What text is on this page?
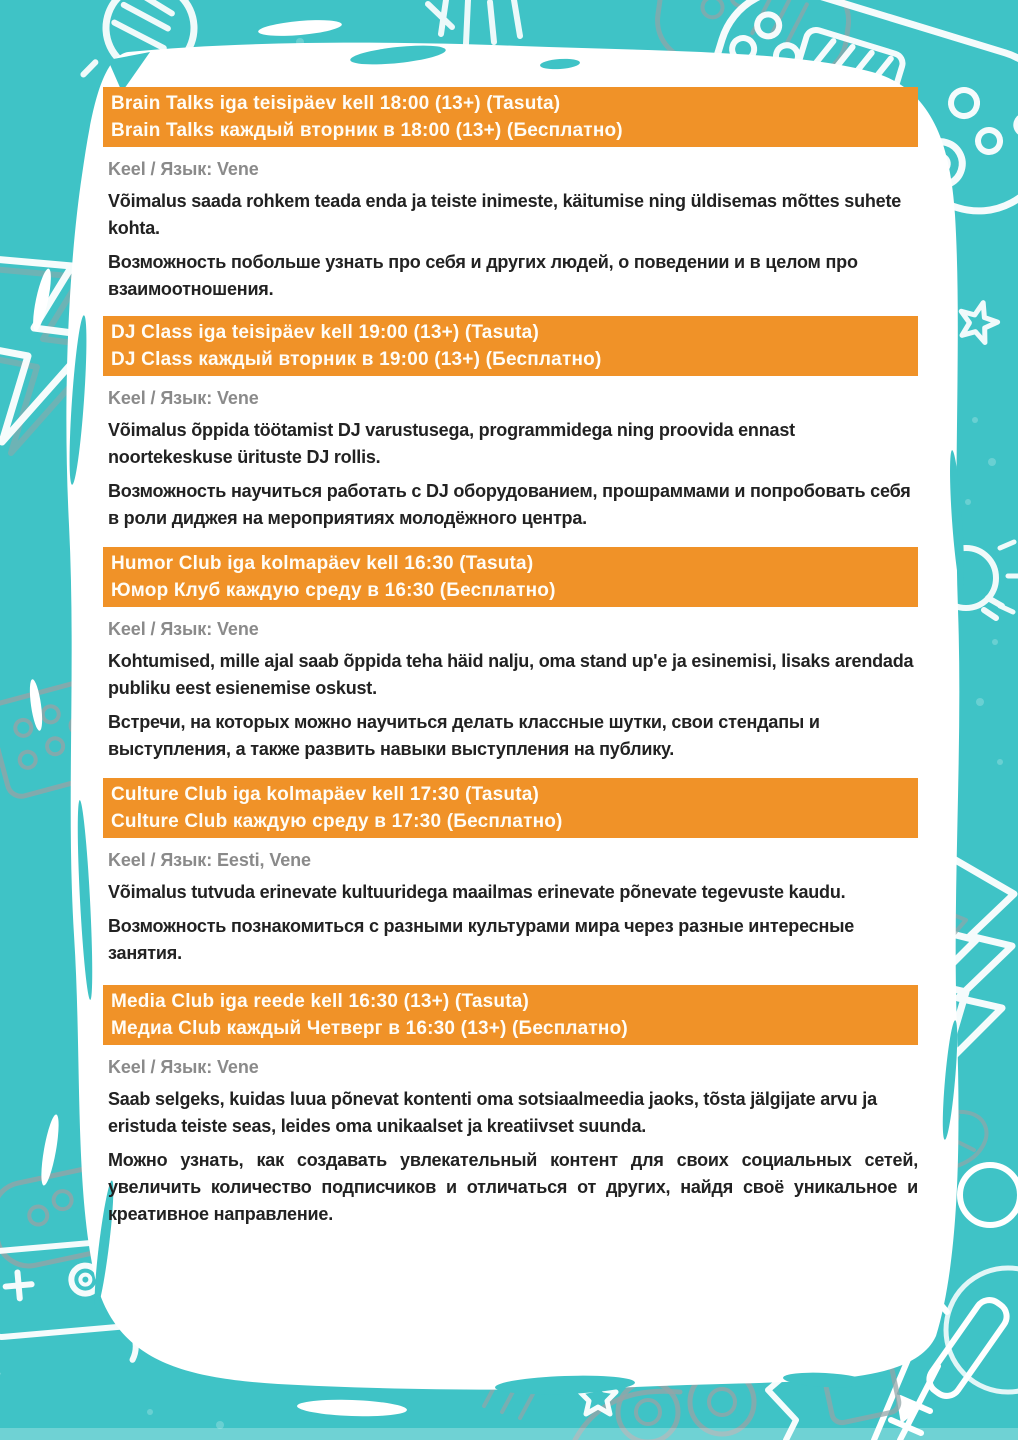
Brain Talks iga teisipäev kell 18:00 (13+) (Tasuta)
Brain Talks каждый вторник в 18:00 (13+) (Бесплатно)

Keel / Язык: Vene

Võimalus saada rohkem teada enda ja teiste inimeste, käitumise ning üldisemas mõttes suhete kohta.

Возможность побольше узнать про себя и других людей, о поведении и в целом про взаимоотношения.

DJ Class iga teisipäev kell 19:00 (13+) (Tasuta)
DJ Class каждый вторник в 19:00 (13+) (Бесплатно)

Keel / Язык: Vene

Võimalus õppida töötamist DJ varustusega, programmidega ning proovida ennast noortekeskuse ürituste DJ rollis.

Возможность научиться работать с DJ оборудованием, прошраммами и попробовать себя в роли диджея на мероприятиях молодёжного центра.

Humor Club iga kolmapäev kell 16:30 (Tasuta)
Юмор Клуб каждую среду в 16:30 (Бесплатно)

Keel / Язык: Vene

Kohtumised, mille ajal saab õppida teha häid nalju, oma stand up'e ja esinemisi, lisaks arendada publiku eest esienemise oskust.

Встречи, на которых можно научиться делать классные шутки, свои стендапы и выступления, а также развить навыки выступления на публику.

Culture Club iga kolmapäev kell 17:30 (Tasuta)
Culture Club каждую среду в 17:30 (Бесплатно)

Keel / Язык: Eesti, Vene

Võimalus tutvuda erinevate kultuuridega maailmas erinevate põnevate tegevuste kaudu.

Возможность познакомиться с разными культурами мира через разные интересные занятия.

Media Club iga reede kell 16:30 (13+) (Tasuta)
Медиа Club каждый Четверг в 16:30 (13+) (Бесплатно)

Keel / Язык: Vene

Saab selgeks, kuidas luua põnevat kontenti oma sotsiaalmeedia jaoks, tõsta jälgijate arvu ja eristuda teiste seas, leides oma unikaalset ja kreatiivset suunda.

Можно узнать, как создавать увлекательный контент для своих социальных сетей, увеличить количество подписчиков и отличаться от других, найдя своё уникальное и креативное направление.
